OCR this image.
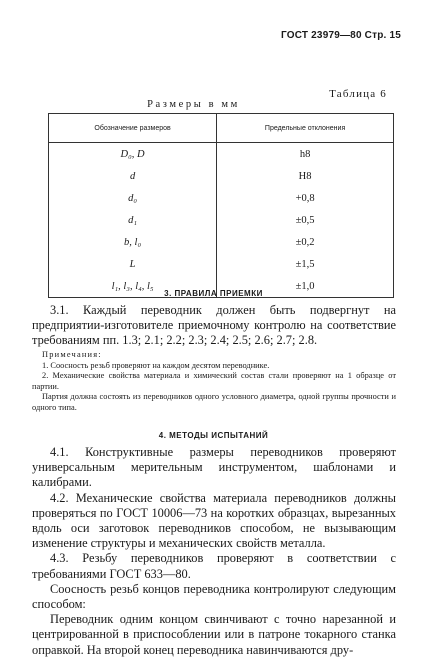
ГОСТ 23979—80 Стр. 15
Таблица 6
Размеры в мм
Обозначение размеров	Предельные отклонения
D₀, D	h8
d	H8
d₀	+0,8
d₁	±0,5
b, l₀	±0,2
L	±1,5
l₁, l₃, l₄, l₅	±1,0
3. ПРАВИЛА ПРИЕМКИ

3.1. Каждый переводник должен быть подвергнут на предприятии-изготовителе приемочному контролю на соответствие требованиям пп. 1.3; 2.1; 2.2; 2.3; 2.4; 2.5; 2.6; 2.7; 2.8.

Примечания:

1. Соосность резьб проверяют на каждом десятом переводнике.

2. Механические свойства материала и химический состав стали проверяют на 1 образце от партии.

Партия должна состоять из переводников одного условного диаметра, одной группы прочности и одного типа.

4. МЕТОДЫ ИСПЫТАНИЙ

4.1. Конструктивные размеры переводников проверяют универсальным мерительным инструментом, шаблонами и калибрами.

4.2. Механические свойства материала переводников должны проверяться по ГОСТ 10006—73 на коротких образцах, вырезанных вдоль оси заготовок переводников способом, не вызывающим изменение структуры и механических свойств металла.

4.3. Резьбу переводников проверяют в соответствии с требованиями ГОСТ 633—80.

Соосность резьб концов переводника контролируют следующим способом:

Переводник одним концом свинчивают с точно нарезанной и центрированной в приспособлении или в патроне токарного станка оправкой. На второй конец переводника навинчиваются дру-
